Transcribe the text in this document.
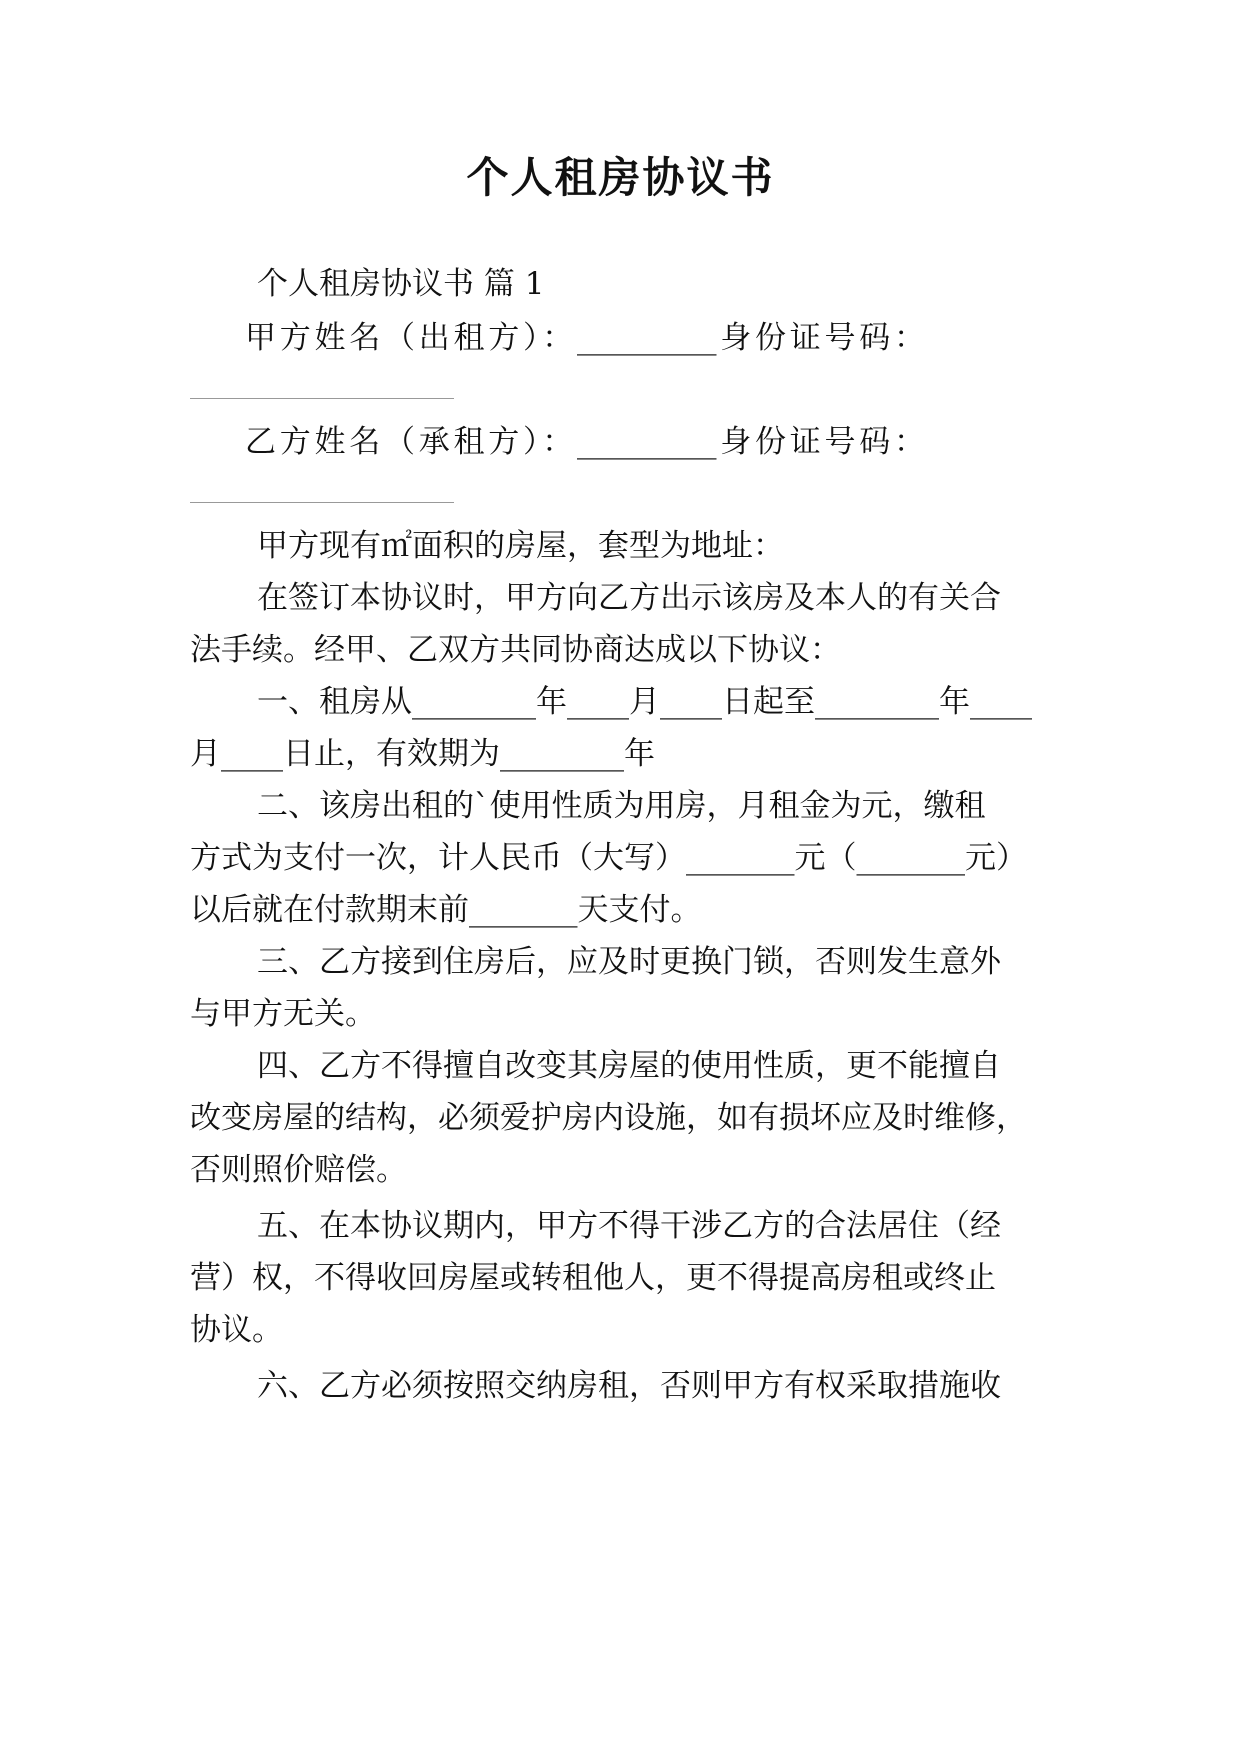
个人租房协议书
个人租房协议书 篇 1
甲方姓名（出租方）：_________身份证号码：
乙方姓名（承租方）：_________身份证号码：
甲方现有㎡面积的房屋，套型为地址：
在签订本协议时，甲方向乙方出示该房及本人的有关合
法手续。经甲、乙双方共同协商达成以下协议：
一、租房从________年____月____日起至________年____
月____日止，有效期为________年
二、该房出租的`使用性质为用房，月租金为元，缴租
方式为支付一次，计人民币（大写）_______元（_______元）
以后就在付款期末前_______天支付。
三、乙方接到住房后，应及时更换门锁，否则发生意外
与甲方无关。
四、乙方不得擅自改变其房屋的使用性质，更不能擅自
改变房屋的结构，必须爱护房内设施，如有损坏应及时维修，
否则照价赔偿。
五、在本协议期内，甲方不得干涉乙方的合法居住（经
营）权，不得收回房屋或转租他人，更不得提高房租或终止
协议。
六、乙方必须按照交纳房租，否则甲方有权采取措施收
